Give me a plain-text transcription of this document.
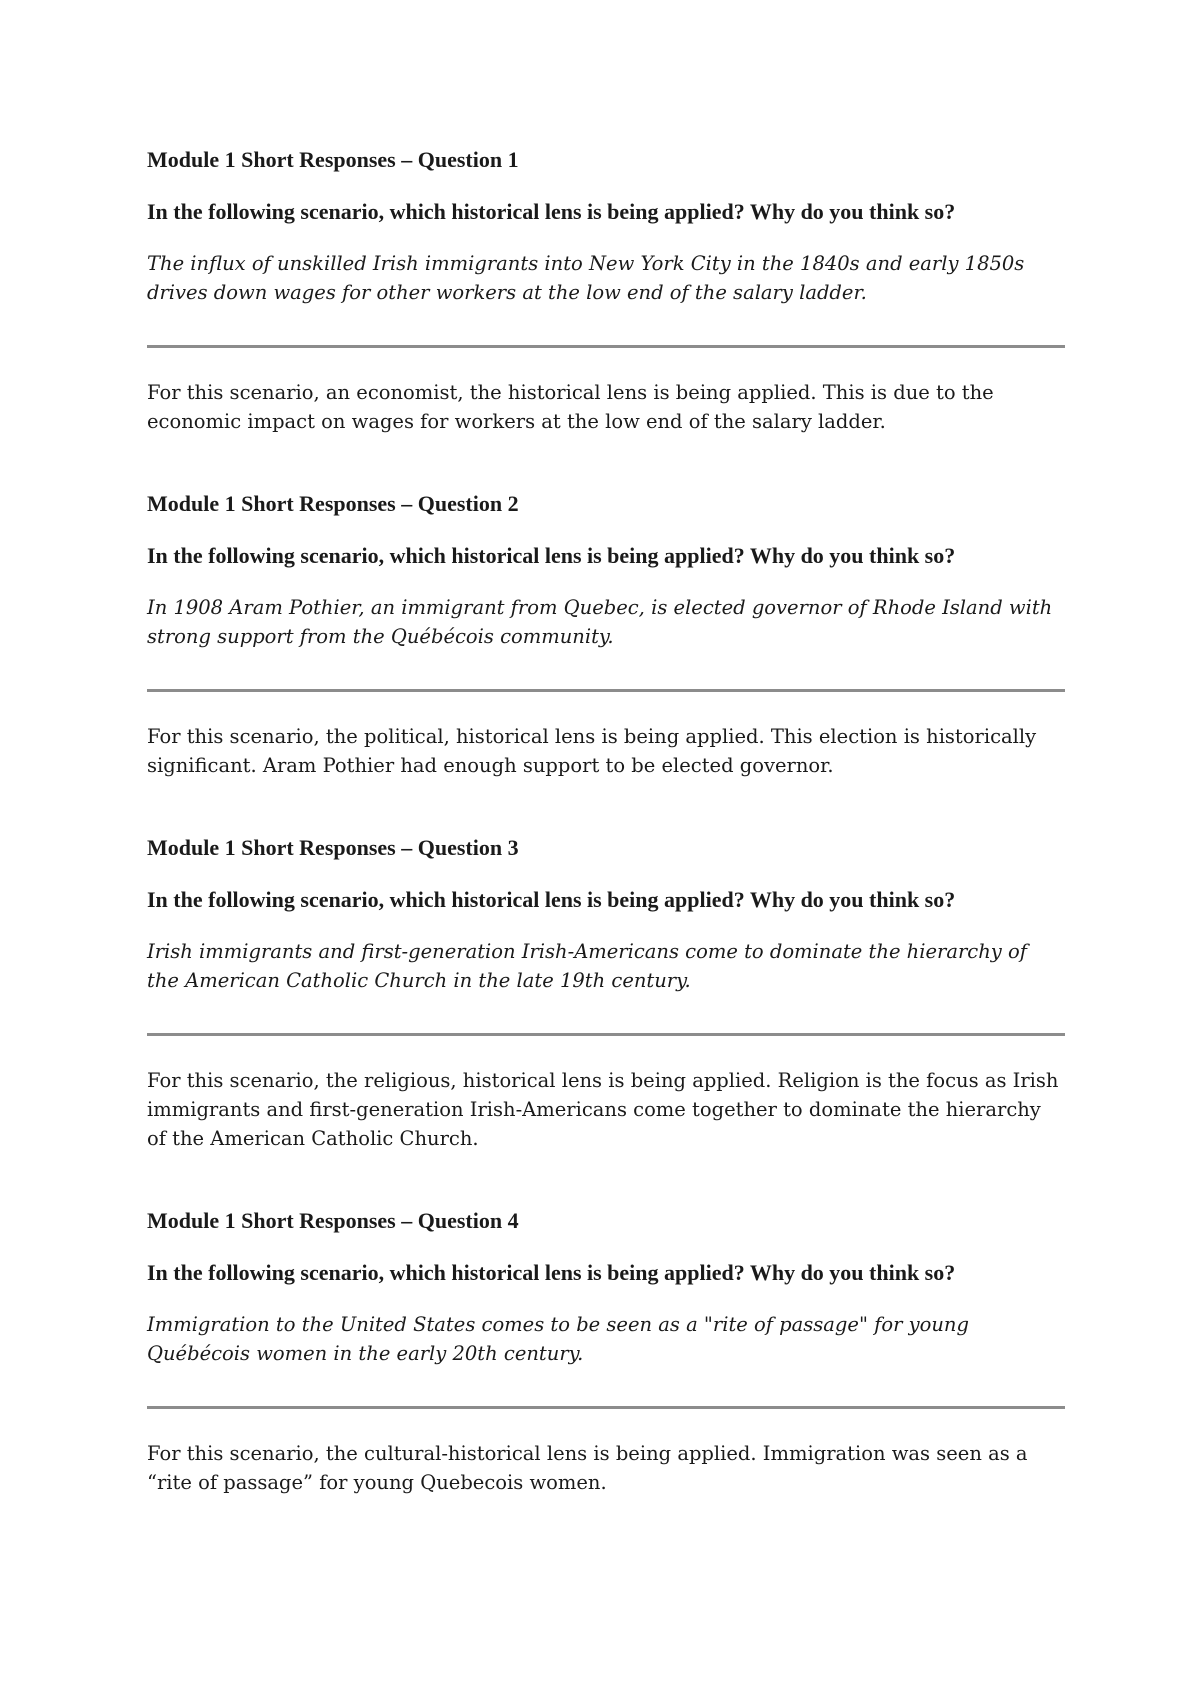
Module 1 Short Responses – Question 1

In the following scenario, which historical lens is being applied? Why do you think so?

The influx of unskilled Irish immigrants into New York City in the 1840s and early 1850s drives down wages for other workers at the low end of the salary ladder.

For this scenario, an economist, the historical lens is being applied. This is due to the economic impact on wages for workers at the low end of the salary ladder.

Module 1 Short Responses – Question 2

In the following scenario, which historical lens is being applied? Why do you think so?

In 1908 Aram Pothier, an immigrant from Quebec, is elected governor of Rhode Island with strong support from the Québécois community.

For this scenario, the political, historical lens is being applied. This election is historically significant. Aram Pothier had enough support to be elected governor.

Module 1 Short Responses – Question 3

In the following scenario, which historical lens is being applied? Why do you think so?

Irish immigrants and first-generation Irish-Americans come to dominate the hierarchy of the American Catholic Church in the late 19th century.

For this scenario, the religious, historical lens is being applied. Religion is the focus as Irish immigrants and first-generation Irish-Americans come together to dominate the hierarchy of the American Catholic Church.

Module 1 Short Responses – Question 4

In the following scenario, which historical lens is being applied? Why do you think so?

Immigration to the United States comes to be seen as a "rite of passage" for young Québécois women in the early 20th century.

For this scenario, the cultural-historical lens is being applied. Immigration was seen as a “rite of passage” for young Quebecois women.
